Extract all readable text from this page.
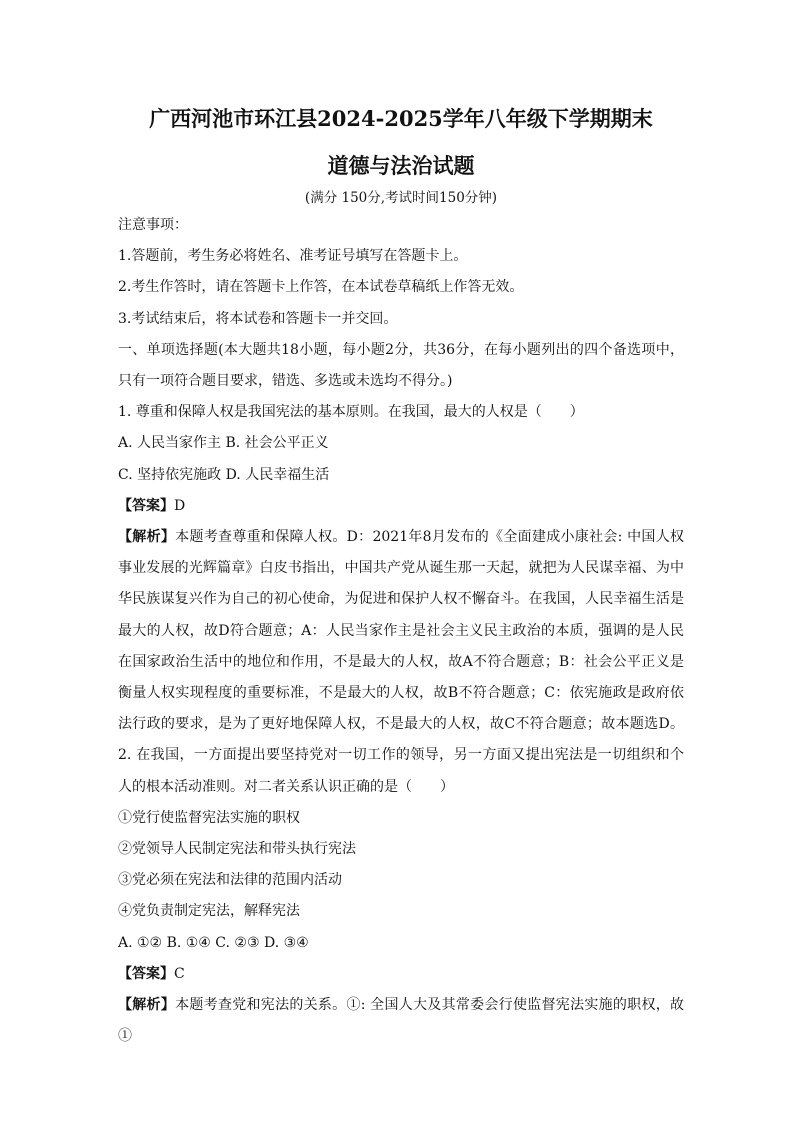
广西河池市环江县2024-2025学年八年级下学期期末
道德与法治试题
(满分 150分,考试时间150分钟)
注意事项：
1.答题前，考生务必将姓名、准考证号填写在答题卡上。
2.考生作答时，请在答题卡上作答，在本试卷草稿纸上作答无效。
3.考试结束后，将本试卷和答题卡一并交回。
一、单项选择题(本大题共18小题，每小题2分，共36分，在每小题列出的四个备选项中，
只有一项符合题目要求，错选、多选或未选均不得分。)
1. 尊重和保障人权是我国宪法的基本原则。在我国，最大的人权是（　　）
A. 人民当家作主 B. 社会公平正义
C. 坚持依宪施政 D. 人民幸福生活
【答案】D
【解析】本题考查尊重和保障人权。D：2021年8月发布的《全面建成小康社会: 中国人权
事业发展的光辉篇章》白皮书指出，中国共产党从诞生那一天起，就把为人民谋幸福、为中
华民族谋复兴作为自己的初心使命，为促进和保护人权不懈奋斗。在我国，人民幸福生活是
最大的人权，故D符合题意；A：人民当家作主是社会主义民主政治的本质，强调的是人民
在国家政治生活中的地位和作用，不是最大的人权，故A不符合题意；B：社会公平正义是
衡量人权实现程度的重要标准，不是最大的人权，故B不符合题意；C：依宪施政是政府依
法行政的要求，是为了更好地保障人权，不是最大的人权，故C不符合题意；故本题选D。
2. 在我国，一方面提出要坚持党对一切工作的领导，另一方面又提出宪法是一切组织和个
人的根本活动准则。对二者关系认识正确的是（　　）
①党行使监督宪法实施的职权
②党领导人民制定宪法和带头执行宪法
③党必须在宪法和法律的范围内活动
④党负责制定宪法，解释宪法
A. ①② B. ①④ C. ②③ D. ③④
【答案】C
【解析】本题考查党和宪法的关系。①: 全国人大及其常委会行使监督宪法实施的职权，故①
